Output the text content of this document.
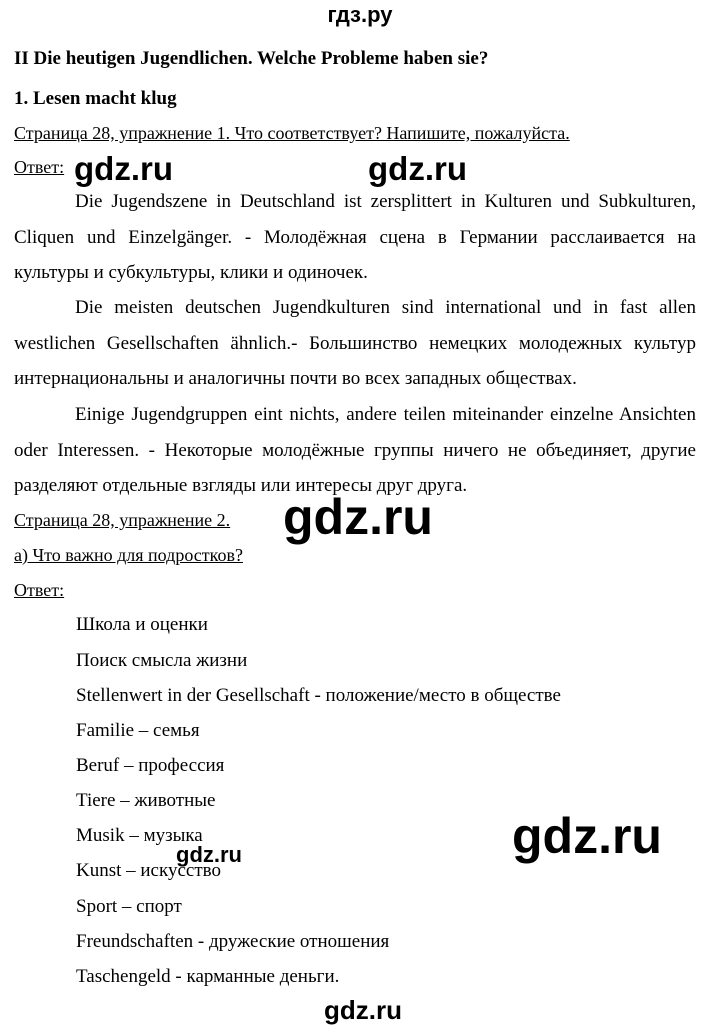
гдз.ру
II Die heutigen Jugendlichen. Welche Probleme haben sie?
1. Lesen macht klug
Страница 28, упражнение 1. Что соответствует? Напишите, пожалуйста.
Ответ:
Die Jugendszene in Deutschland ist zersplittert in Kulturen und Subkulturen, Cliquen und Einzelgänger. - Молодёжная сцена в Германии расслаивается на культуры и субкультуры, клики и одиночек.
Die meisten deutschen Jugendkulturen sind international und in fast allen westlichen Gesellschaften ähnlich.- Большинство немецких молодежных культур интернациональны и аналогичны почти во всех западных обществах.
Einige Jugendgruppen eint nichts, andere teilen miteinander einzelne Ansichten oder Interessen. - Некоторые молодёжные группы ничего не объединяет, другие разделяют отдельные взгляды или интересы друг друга.
Страница 28, упражнение 2.
a) Что важно для подростков?
Ответ:
Школа и оценки
Поиск смысла жизни
Stellenwert in der Gesellschaft - положение/место в обществе
Familie – семья
Beruf – профессия
Tiere – животные
Musik – музыка
Kunst – искусство
Sport – спорт
Freundschaften - дружеские отношения
Taschengeld - карманные деньги.
gdz.ru	gdz.ru
gdz.ru
gdz.ru
gdz.ru
gdz.ru
